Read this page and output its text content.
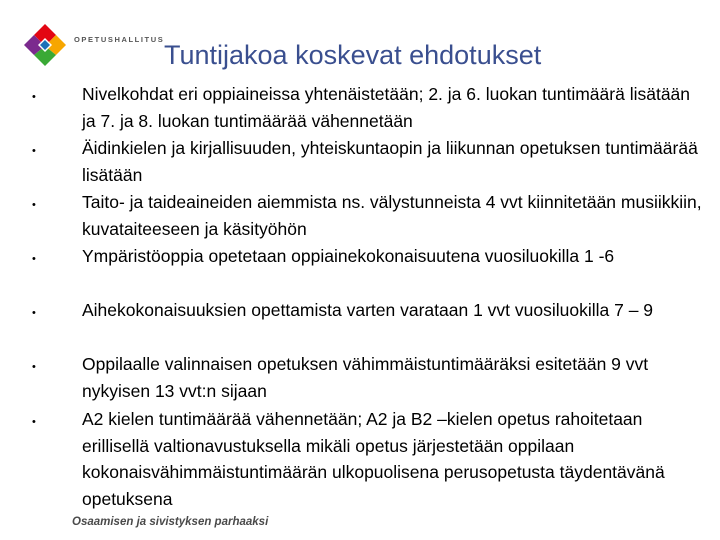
OPETUSHALLITUS
Tuntijakoa koskevat ehdotukset
•	Nivelkohdat eri oppiaineissa yhtenäistetään; 2. ja 6. luokan tuntimäärä lisätään ja 7. ja 8. luokan tuntimäärää vähennetään
•	Äidinkielen ja kirjallisuuden, yhteiskuntaopin ja liikunnan opetuksen tuntimäärää lisätään
•	Taito- ja taideaineiden aiemmista ns. välystunneista 4 vvt kiinnitetään musiikkiin, kuvataiteeseen ja käsityöhön
•	Ympäristöoppia opetetaan oppiainekokonaisuutena vuosiluokilla 1 -6
•	Aihekokonaisuuksien opettamista varten varataan 1 vvt vuosiluokilla 7 – 9
•	Oppilaalle valinnaisen opetuksen vähimmäistuntimääräksi esitetään 9 vvt nykyisen 13 vvt:n sijaan
•	A2 kielen tuntimäärää vähennetään; A2 ja B2 –kielen opetus rahoitetaan erillisellä valtionavustuksella mikäli opetus järjestetään oppilaan kokonaisvähimmäistuntimäärän ulkopuolisena perusopetusta täydentävänä opetuksena
Osaamisen ja sivistyksen parhaaksi
